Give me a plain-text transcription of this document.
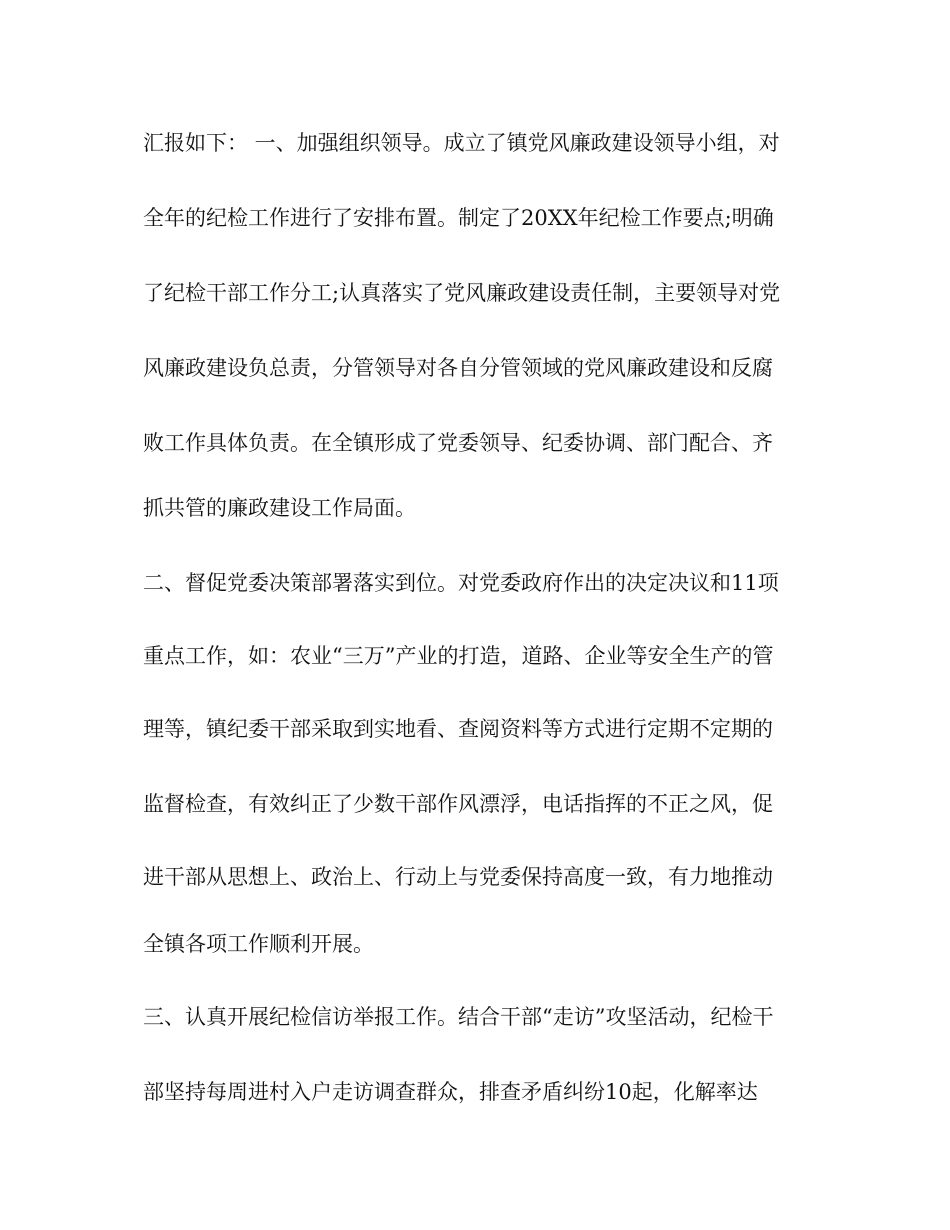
汇报如下： 一、加强组织领导。成立了镇党风廉政建设领导小组，对
全年的纪检工作进行了安排布置。制定了20XX年纪检工作要点;明确
了纪检干部工作分工;认真落实了党风廉政建设责任制，主要领导对党
风廉政建设负总责，分管领导对各自分管领域的党风廉政建设和反腐
败工作具体负责。在全镇形成了党委领导、纪委协调、部门配合、齐
抓共管的廉政建设工作局面。
二、督促党委决策部署落实到位。对党委政府作出的决定决议和11项
重点工作，如：农业“三万”产业的打造，道路、企业等安全生产的管
理等，镇纪委干部采取到实地看、查阅资料等方式进行定期不定期的
监督检查，有效纠正了少数干部作风漂浮，电话指挥的不正之风，促
进干部从思想上、政治上、行动上与党委保持高度一致，有力地推动
全镇各项工作顺利开展。
三、认真开展纪检信访举报工作。结合干部“走访”攻坚活动，纪检干
部坚持每周进村入户走访调查群众，排查矛盾纠纷10起，化解率达
